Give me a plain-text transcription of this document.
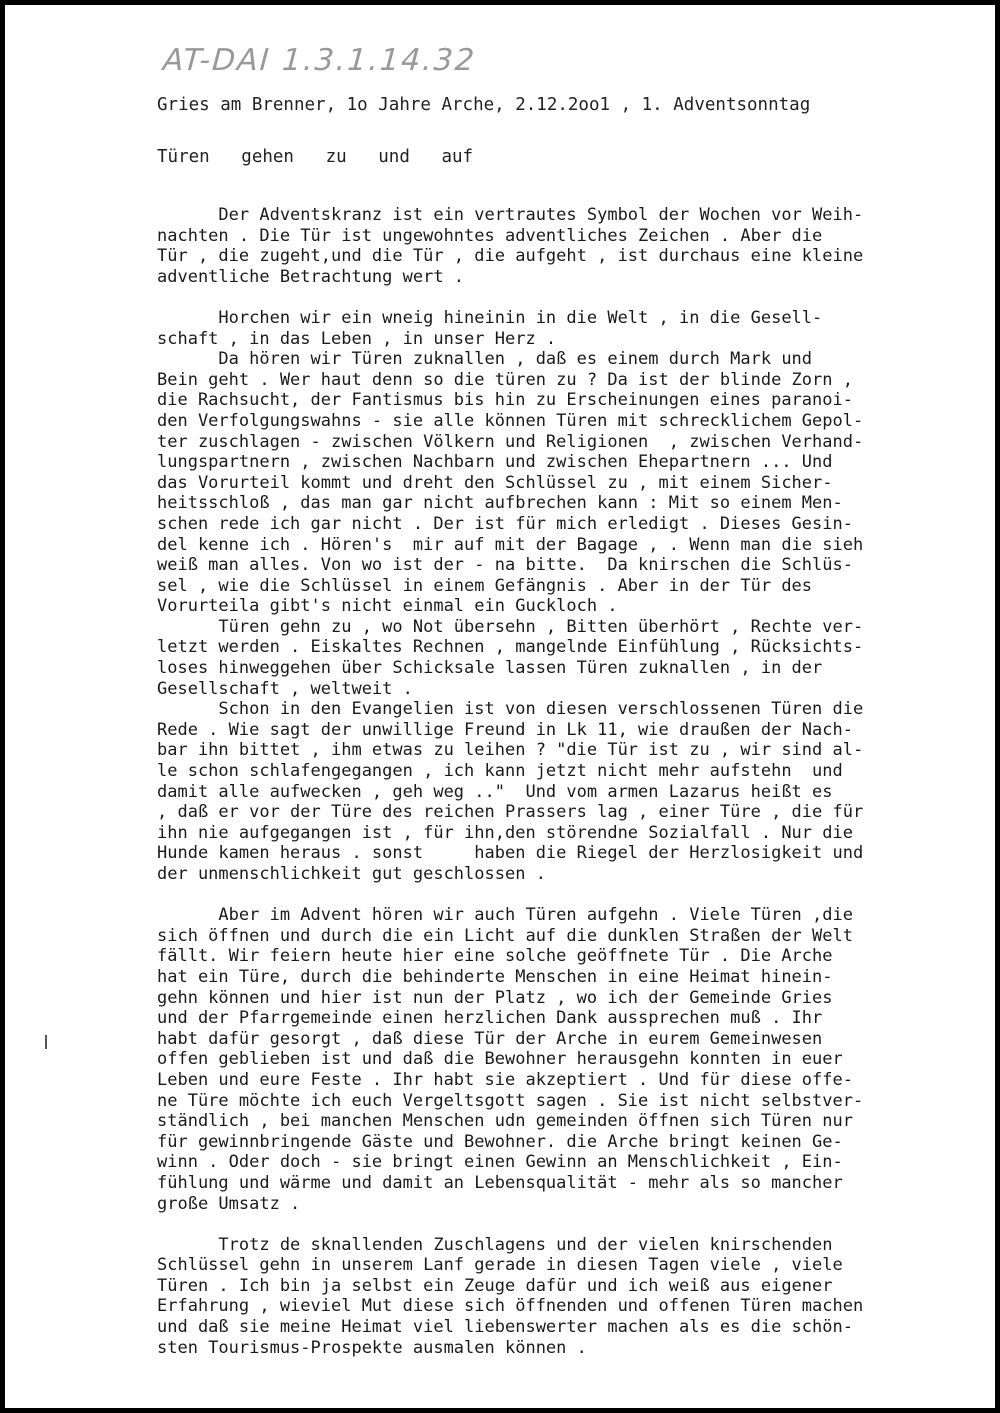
AT-DAI 1.3.1.14.32
Gries am Brenner, 1o Jahre Arche, 2.12.2oo1 , 1. Adventsonntag
Türen   gehen   zu   und   auf
Der Adventskranz ist ein vertrautes Symbol der Wochen vor Weih-
nachten . Die Tür ist ungewohntes adventliches Zeichen . Aber die
Tür , die zugeht,und die Tür , die aufgeht , ist durchaus eine kleine
adventliche Betrachtung wert .
Horchen wir ein wneig hineinin in die Welt , in die Gesell-
schaft , in das Leben , in unser Herz .
Da hören wir Türen zuknallen , daß es einem durch Mark und
Bein geht . Wer haut denn so die türen zu ? Da ist der blinde Zorn ,
die Rachsucht, der Fantismus bis hin zu Erscheinungen eines paranoi-
den Verfolgungswahns - sie alle können Türen mit schrecklichem Gepol-
ter zuschlagen - zwischen Völkern und Religionen  , zwischen Verhand-
lungspartnern , zwischen Nachbarn und zwischen Ehepartnern ... Und
das Vorurteil kommt und dreht den Schlüssel zu , mit einem Sicher-
heitsschloß , das man gar nicht aufbrechen kann : Mit so einem Men-
schen rede ich gar nicht . Der ist für mich erledigt . Dieses Gesin-
del kenne ich . Hören's  mir auf mit der Bagage , . Wenn man die sieh
weiß man alles. Von wo ist der - na bitte.  Da knirschen die Schlüs-
sel , wie die Schlüssel in einem Gefängnis . Aber in der Tür des
Vorurteila gibt's nicht einmal ein Guckloch .
Türen gehn zu , wo Not übersehn , Bitten überhört , Rechte ver-
letzt werden . Eiskaltes Rechnen , mangelnde Einfühlung , Rücksichts-
loses hinweggehen über Schicksale lassen Türen zuknallen , in der
Gesellschaft , weltweit .
Schon in den Evangelien ist von diesen verschlossenen Türen die
Rede . Wie sagt der unwillige Freund in Lk 11, wie draußen der Nach-
bar ihn bittet , ihm etwas zu leihen ? "die Tür ist zu , wir sind al-
le schon schlafengegangen , ich kann jetzt nicht mehr aufstehn  und
damit alle aufwecken , geh weg .."  Und vom armen Lazarus heißt es
, daß er vor der Türe des reichen Prassers lag , einer Türe , die für
ihn nie aufgegangen ist , für ihn,den störendne Sozialfall . Nur die
Hunde kamen heraus . sonst     haben die Riegel der Herzlosigkeit und
der unmenschlichkeit gut geschlossen .
Aber im Advent hören wir auch Türen aufgehn . Viele Türen ,die
sich öffnen und durch die ein Licht auf die dunklen Straßen der Welt
fällt. Wir feiern heute hier eine solche geöffnete Tür . Die Arche
hat ein Türe, durch die behinderte Menschen in eine Heimat hinein-
gehn können und hier ist nun der Platz , wo ich der Gemeinde Gries
und der Pfarrgemeinde einen herzlichen Dank aussprechen muß . Ihr
habt dafür gesorgt , daß diese Tür der Arche in eurem Gemeinwesen
offen geblieben ist und daß die Bewohner herausgehn konnten in euer
Leben und eure Feste . Ihr habt sie akzeptiert . Und für diese offe-
ne Türe möchte ich euch Vergeltsgott sagen . Sie ist nicht selbstver-
ständlich , bei manchen Menschen udn gemeinden öffnen sich Türen nur
für gewinnbringende Gäste und Bewohner. die Arche bringt keinen Ge-
winn . Oder doch - sie bringt einen Gewinn an Menschlichkeit , Ein-
fühlung und wärme und damit an Lebensqualität - mehr als so mancher
große Umsatz .
Trotz de sknallenden Zuschlagens und der vielen knirschenden
Schlüssel gehn in unserem Lanf gerade in diesen Tagen viele , viele
Türen . Ich bin ja selbst ein Zeuge dafür und ich weiß aus eigener
Erfahrung , wieviel Mut diese sich öffnenden und offenen Türen machen
und daß sie meine Heimat viel liebenswerter machen als es die schön-
sten Tourismus-Prospekte ausmalen können .
